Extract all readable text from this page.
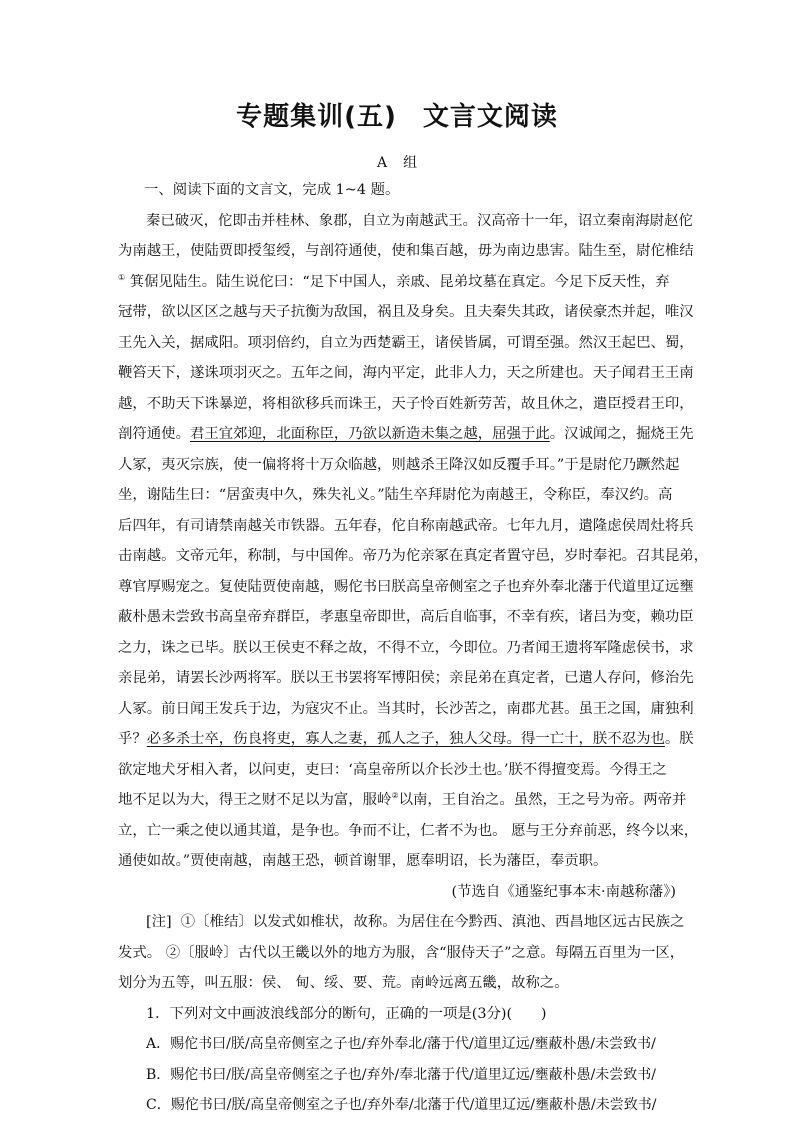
专题集训(五) 文言文阅读
A 组
一、阅读下面的文言文，完成 1~4 题。
秦已破灭，佗即击并桂林、象郡，自立为南越武王。汉高帝十一年，诏立秦南海尉赵佗
为南越王，使陆贾即授玺绶，与剖符通使，使和集百越，毋为南边患害。陆生至，尉佗椎结
① 箕倨见陆生。陆生说佗曰：“足下中国人，亲戚、昆弟坟墓在真定。今足下反天性，弃
冠带，欲以区区之越与天子抗衡为敌国，祸且及身矣。且夫秦失其政，诸侯豪杰并起，唯汉
王先入关，据咸阳。项羽倍约，自立为西楚霸王，诸侯皆属，可谓至强。然汉王起巴、蜀，
鞭笞天下，遂诛项羽灭之。五年之间，海内平定，此非人力，天之所建也。天子闻君王王南
越，不助天下诛暴逆，将相欲移兵而诛王，天子怜百姓新劳苦，故且休之，遣臣授君王印，
剖符通使。君王宜郊迎，北面称臣，乃欲以新造未集之越，屈强于此。汉诚闻之，掘烧王先
人冢，夷灭宗族，使一偏将将十万众临越，则越杀王降汉如反覆手耳。”于是尉佗乃蹶然起
坐，谢陆生曰：“居蛮夷中久，殊失礼义。”陆生卒拜尉佗为南越王，令称臣，奉汉约。高
后四年，有司请禁南越关市铁器。五年春，佗自称南越武帝。七年九月，遣隆虑侯周灶将兵
击南越。文帝元年，称制，与中国侔。帝乃为佗亲冢在真定者置守邑，岁时奉祀。召其昆弟，
尊官厚赐宠之。复使陆贾使南越，赐佗书曰朕高皇帝侧室之子也弃外奉北藩于代道里辽远壅
蔽朴愚未尝致书高皇帝弃群臣，孝惠皇帝即世，高后自临事，不幸有疾，诸吕为变，赖功臣
之力，诛之已毕。朕以王侯吏不释之故，不得不立，今即位。乃者闻王遗将军隆虑侯书，求
亲昆弟，请罢长沙两将军。朕以王书罢将军博阳侯；亲昆弟在真定者，已遣人存问，修治先
人冢。前日闻王发兵于边，为寇灾不止。当其时，长沙苦之，南郡尤甚。虽王之国，庸独利
乎？必多杀士卒，伤良将吏，寡人之妻，孤人之子，独人父母。得一亡十，朕不忍为也。朕
欲定地犬牙相入者，以问吏，吏曰：‘高皇帝所以介长沙土也。’朕不得擅变焉。今得王之
地不足以为大，得王之财不足以为富，服岭②以南，王自治之。虽然，王之号为帝。两帝并
立，亡一乘之使以通其道，是争也。争而不让，仁者不为也。 愿与王分弃前恶，终今以来，
通使如故。”贾使南越，南越王恐，顿首谢罪，愿奉明诏，长为藩臣，奉贡职。
(节选自《通鉴纪事本末·南越称藩》)
[注] ①〔椎结〕以发式如椎状，故称。为居住在今黔西、滇池、西昌地区远古民族之
发式。 ②〔服岭〕古代以王畿以外的地方为服，含“服侍天子”之意。每隔五百里为一区，
划分为五等，叫五服：侯、 甸、绥、要、荒。南岭远离五畿，故称之。
1．下列对文中画波浪线部分的断句，正确的一项是(3分)(　　)
A．赐佗书曰/朕/高皇帝侧室之子也/弃外奉北/藩于代/道里辽远/壅蔽朴愚/未尝致书/
B．赐佗书曰/朕/高皇帝侧室之子也/弃外/奉北藩于代/道里辽远/壅蔽朴愚/未尝致书/
C．赐佗书曰/朕/高皇帝侧室之子也/弃外奉/北藩于代/道里辽远/壅蔽朴愚/未尝致书/
